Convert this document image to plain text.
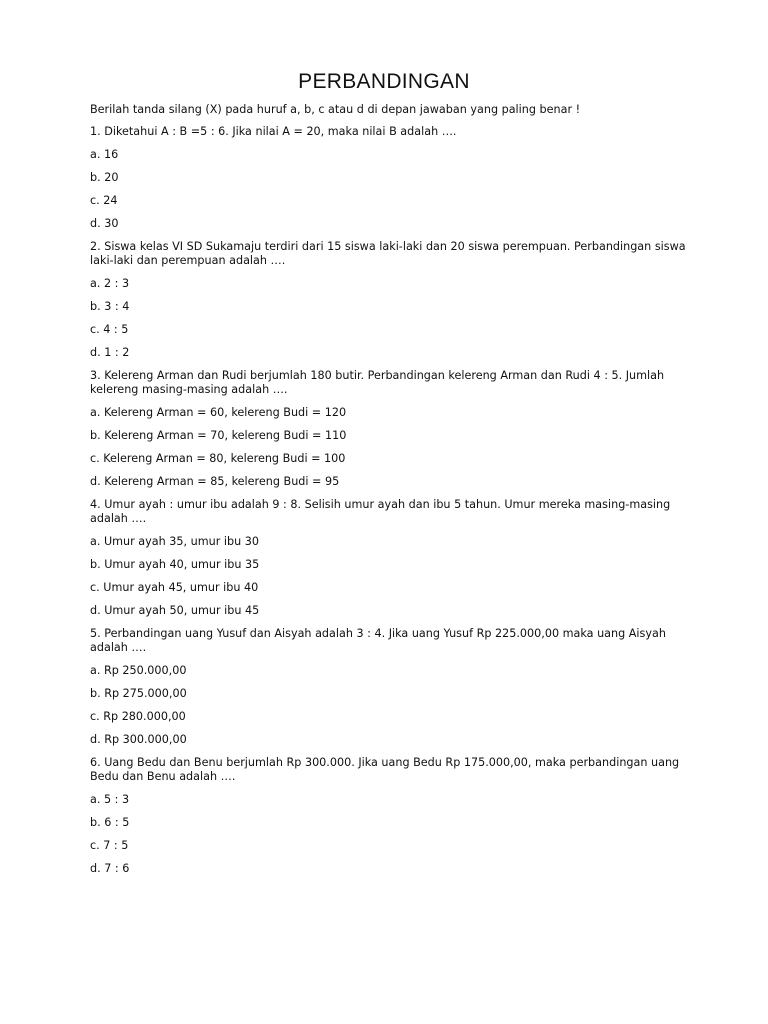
PERBANDINGAN

Berilah tanda silang (X) pada huruf a, b, c atau d di depan jawaban yang paling benar !

1. Diketahui A : B =5 : 6. Jika nilai A = 20, maka nilai B adalah ….

a. 16

b. 20

c. 24

d. 30

2. Siswa kelas VI SD Sukamaju terdiri dari 15 siswa laki-laki dan 20 siswa perempuan. Perbandingan siswa laki-laki dan perempuan adalah ….

a. 2 : 3

b. 3 : 4

c. 4 : 5

d. 1 : 2

3. Kelereng Arman dan Rudi berjumlah 180 butir. Perbandingan kelereng Arman dan Rudi 4 : 5. Jumlah kelereng masing-masing adalah ….

a. Kelereng Arman = 60, kelereng Budi = 120

b. Kelereng Arman = 70, kelereng Budi = 110

c. Kelereng Arman = 80, kelereng Budi = 100

d. Kelereng Arman = 85, kelereng Budi = 95

4. Umur ayah : umur ibu adalah 9 : 8. Selisih umur ayah dan ibu 5 tahun. Umur mereka masing-masing adalah ….

a. Umur ayah 35, umur ibu 30

b. Umur ayah 40, umur ibu 35

c. Umur ayah 45, umur ibu 40

d. Umur ayah 50, umur ibu 45

5. Perbandingan uang Yusuf dan Aisyah adalah 3 : 4. Jika uang Yusuf Rp 225.000,00 maka uang Aisyah adalah ….

a. Rp 250.000,00

b. Rp 275.000,00

c. Rp 280.000,00

d. Rp 300.000,00

6. Uang Bedu dan Benu berjumlah Rp 300.000. Jika uang Bedu Rp 175.000,00, maka perbandingan uang Bedu dan Benu adalah ….

a. 5 : 3

b. 6 : 5

c. 7 : 5

d. 7 : 6
